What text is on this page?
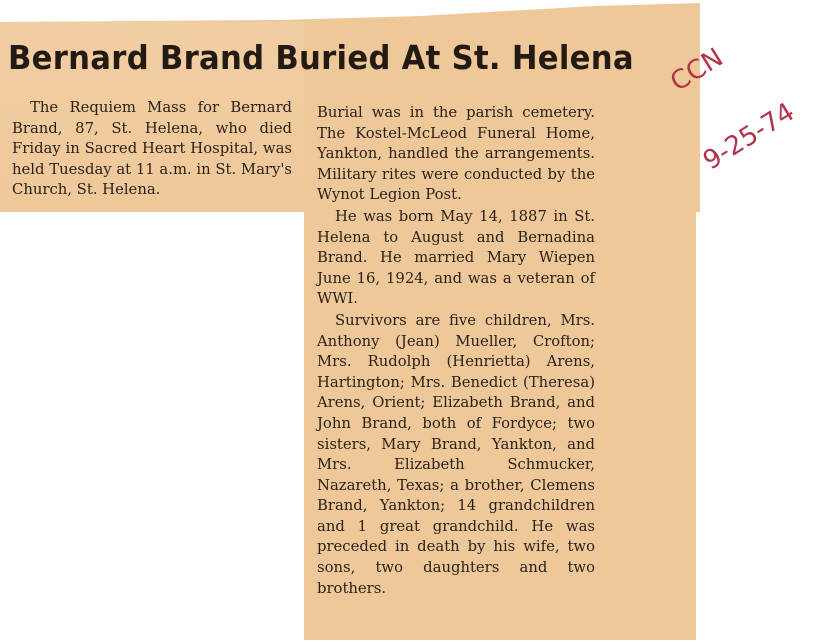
Bernard Brand Buried At St. Helena

The Requiem Mass for Bernard Brand, 87, St. Helena, who died Friday in Sacred Heart Hospital, was held Tuesday at 11 a.m. in St. Mary's Church, St. Helena.

Burial was in the parish cemetery. The Kostel-McLeod Funeral Home, Yankton, handled the arrangements. Military rites were conducted by the Wynot Legion Post.

He was born May 14, 1887 in St. Helena to August and Bernadina Brand. He married Mary Wiepen June 16, 1924, and was a veteran of WWI.

Survivors are five children, Mrs. Anthony (Jean) Mueller, Crofton; Mrs. Rudolph (Henrietta) Arens, Hartington; Mrs. Benedict (Theresa) Arens, Orient; Elizabeth Brand, and John Brand, both of Fordyce; two sisters, Mary Brand, Yankton, and Mrs. Elizabeth Schmucker, Nazareth, Texas; a brother, Clemens Brand, Yankton; 14 grandchildren and 1 great grandchild. He was preceded in death by his wife, two sons, two daughters and two brothers.

CCN

9-25-74
